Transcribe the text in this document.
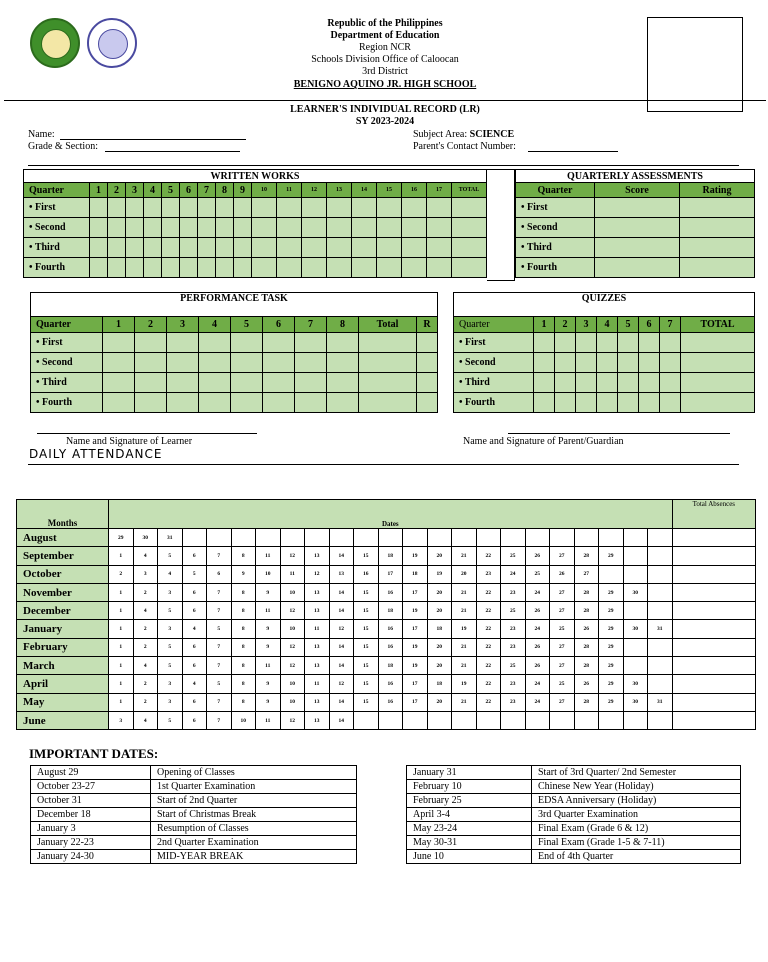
Republic of the Philippines
Department of Education
Region NCR
Schools Division Office of Caloocan
3rd District
BENIGNO AQUINO JR. HIGH SCHOOL
LEARNER'S INDIVIDUAL RECORD (LR)
SY 2023-2024
Name:
Grade & Section:
Subject Area: SCIENCE
Parent's Contact Number:
WRITTEN WORKS																		
Quarter	1	2	3	4	5	6	7	8	9	10	11	12	13	14	15	16	17	TOTAL
• First																		
• Second																		
• Third																		
• Fourth																		
QUARTERLY ASSESSMENTS		
Quarter	Score	Rating
• First		
• Second		
• Third		
• Fourth		
PERFORMANCE TASK										
Quarter	1	2	3	4	5	6	7	8	Total	R
• First										
• Second										
• Third										
• Fourth										
QUIZZES								
Quarter	1	2	3	4	5	6	7	TOTAL
• First								
• Second								
• Third								
• Fourth								
Name and Signature of Learner	Name and Signature of Parent/Guardian
DAILY ATTENDANCE
Months	Dates																							Total Absences
August	29	30	31																					
September	1	4	5	6	7	8	11	12	13	14	15	18	19	20	21	22	25	26	27	28	29			
October	2	3	4	5	6	9	10	11	12	13	16	17	18	19	20	23	24	25	26	27				
November	1	2	3	6	7	8	9	10	13	14	15	16	17	20	21	22	23	24	27	28	29	30		
December	1	4	5	6	7	8	11	12	13	14	15	18	19	20	21	22	25	26	27	28	29			
January	1	2	3	4	5	8	9	10	11	12	15	16	17	18	19	22	23	24	25	26	29	30	31	
February	1	2	5	6	7	8	9	12	13	14	15	16	19	20	21	22	23	26	27	28	29			
March	1	4	5	6	7	8	11	12	13	14	15	18	19	20	21	22	25	26	27	28	29			
April	1	2	3	4	5	8	9	10	11	12	15	16	17	18	19	22	23	24	25	26	29	30		
May	1	2	3	6	7	8	9	10	13	14	15	16	17	20	21	22	23	24	27	28	29	30	31	
June	3	4	5	6	7	10	11	12	13	14														
IMPORTANT DATES:
August 29	Opening of Classes
October 23-27	1st Quarter Examination
October 31	Start of 2nd Quarter
December 18	Start of Christmas Break
January 3	Resumption of Classes
January 22-23	2nd Quarter Examination
January 24-30	MID-YEAR BREAK
January 31	Start of 3rd Quarter/ 2nd Semester
February 10	Chinese New Year (Holiday)
February 25	EDSA Anniversary (Holiday)
April 3-4	3rd Quarter Examination
May 23-24	Final Exam (Grade 6 & 12)
May 30-31	Final Exam (Grade 1-5 & 7-11)
June 10	End of 4th Quarter
